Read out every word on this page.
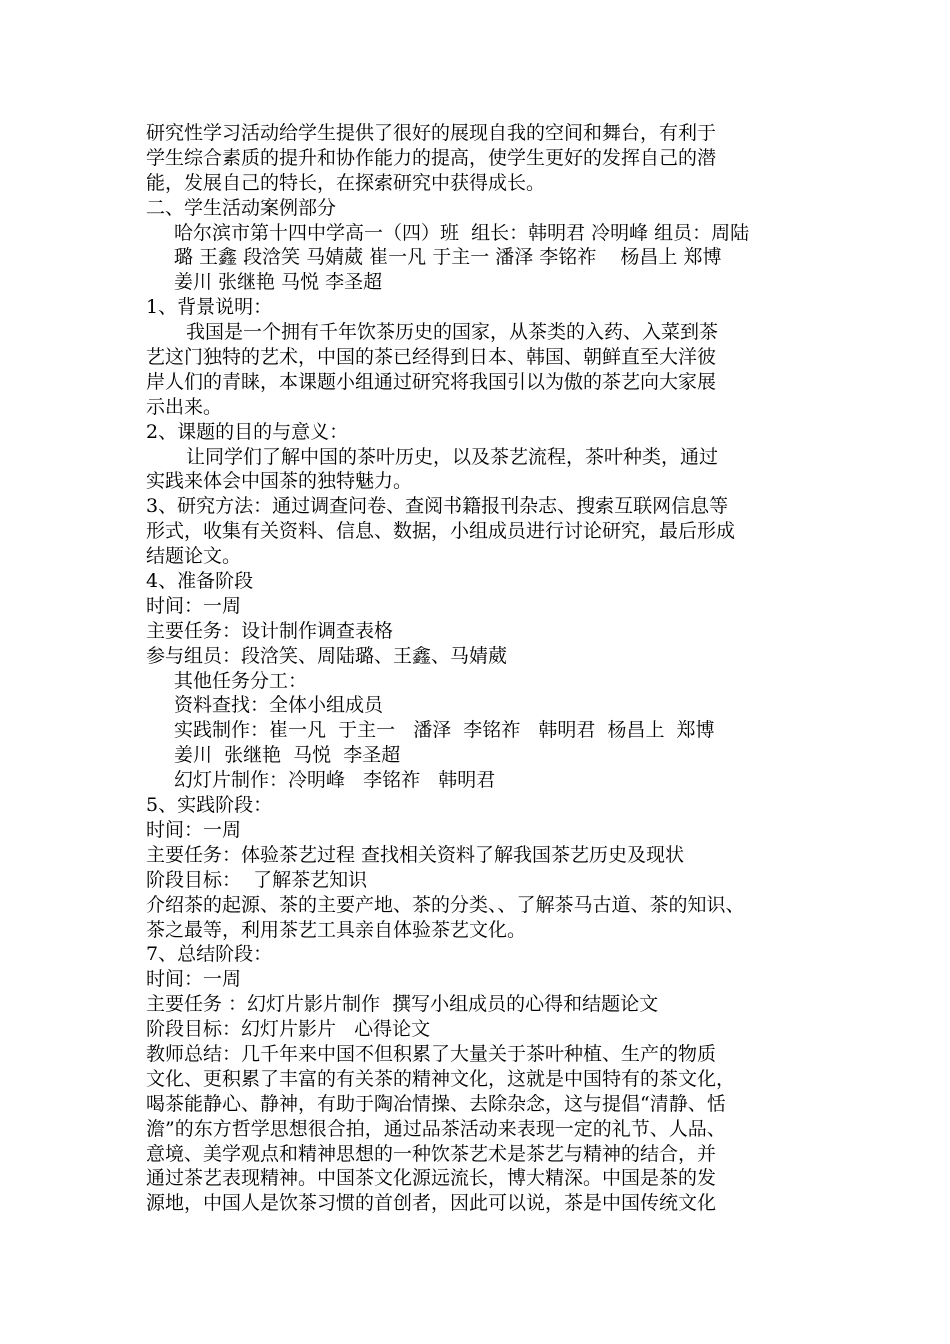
研究性学习活动给学生提供了很好的展现自我的空间和舞台，有利于
学生综合素质的提升和协作能力的提高，使学生更好的发挥自己的潜
能，发展自己的特长，在探索研究中获得成长。
二、学生活动案例部分
哈尔滨市第十四中学高一（四）班  组长：韩明君 冷明峰 组员：周陆
璐 王鑫 段浛笑 马婧葳 崔一凡 于主一 潘泽 李铭祚    杨昌上 郑博
姜川 张继艳 马悦 李圣超
1、背景说明：
我国是一个拥有千年饮茶历史的国家，从茶类的入药、入菜到茶
艺这门独特的艺术，中国的茶已经得到日本、韩国、朝鲜直至大洋彼
岸人们的青睐，本课题小组通过研究将我国引以为傲的茶艺向大家展
示出来。
2、课题的目的与意义：
让同学们了解中国的茶叶历史，以及茶艺流程，茶叶种类，通过
实践来体会中国茶的独特魅力。
3、研究方法：通过调查问卷、查阅书籍报刊杂志、搜索互联网信息等
形式，收集有关资料、信息、数据，小组成员进行讨论研究，最后形成
结题论文。
4、准备阶段
时间：一周
主要任务：设计制作调查表格
参与组员：段浛笑、周陆璐、王鑫、马婧葳
其他任务分工：
资料查找：全体小组成员
实践制作：崔一凡  于主一   潘泽  李铭祚   韩明君  杨昌上  郑博
姜川  张继艳  马悦  李圣超
幻灯片制作：冷明峰   李铭祚   韩明君
5、实践阶段：
时间：一周
主要任务：体验茶艺过程 查找相关资料了解我国茶艺历史及现状
阶段目标：  了解茶艺知识
介绍茶的起源、茶的主要产地、茶的分类、、了解茶马古道、茶的知识、
茶之最等，利用茶艺工具亲自体验茶艺文化。
7、总结阶段：
时间：一周
主要任务 ：幻灯片影片制作  撰写小组成员的心得和结题论文
阶段目标：幻灯片影片   心得论文
教师总结：几千年来中国不但积累了大量关于茶叶种植、生产的物质
文化、更积累了丰富的有关茶的精神文化，这就是中国特有的茶文化，
喝茶能静心、静神，有助于陶冶情操、去除杂念，这与提倡“清静、恬
澹”的东方哲学思想很合拍，通过品茶活动来表现一定的礼节、人品、
意境、美学观点和精神思想的一种饮茶艺术是茶艺与精神的结合，并
通过茶艺表现精神。中国茶文化源远流长，博大精深。中国是茶的发
源地，中国人是饮茶习惯的首创者，因此可以说，茶是中国传统文化
